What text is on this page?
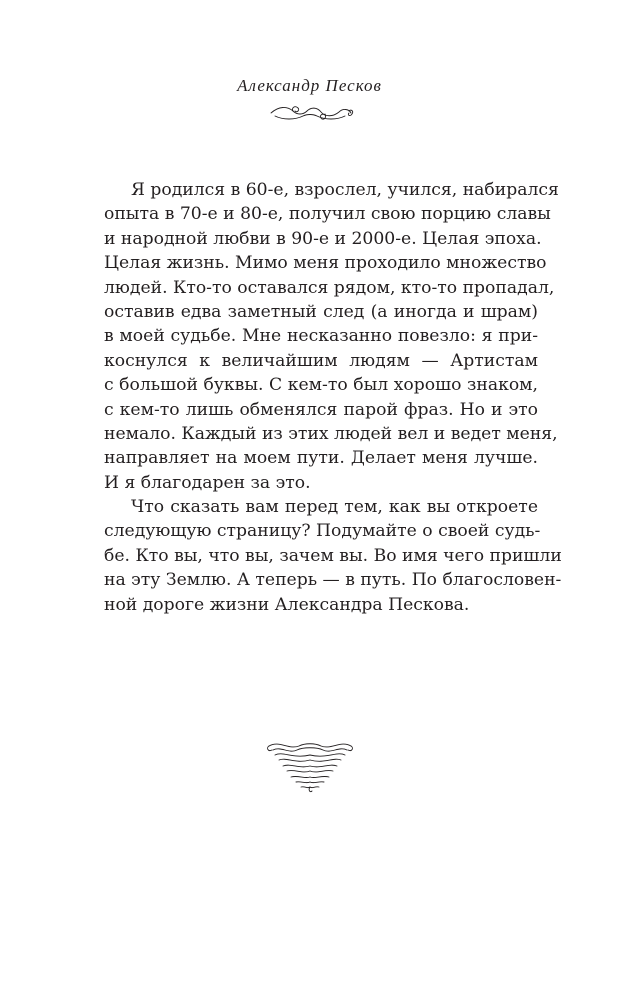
Александр Песков
Я родился в 60-е, взрослел, учился, набирался
опыта в 70-е и 80-е, получил свою порцию славы
и народной любви в 90-е и 2000-е. Целая эпоха.
Целая жизнь. Мимо меня проходило множество
людей. Кто-то оставался рядом, кто-то пропадал,
оставив едва заметный след (а иногда и шрам)
в моей судьбе. Мне несказанно повезло: я при-
коснулся к величайшим людям — Артистам
с большой буквы. С кем-то был хорошо знаком,
с кем-то лишь обменялся парой фраз. Но и это
немало. Каждый из этих людей вел и ведет меня,
направляет на моем пути. Делает меня лучше.
И я благодарен за это.
Что сказать вам перед тем, как вы откроете
следующую страницу? Подумайте о своей судь-
бе. Кто вы, что вы, зачем вы. Во имя чего пришли
на эту Землю. А теперь — в путь. По благословен-
ной дороге жизни Александра Пескова.
